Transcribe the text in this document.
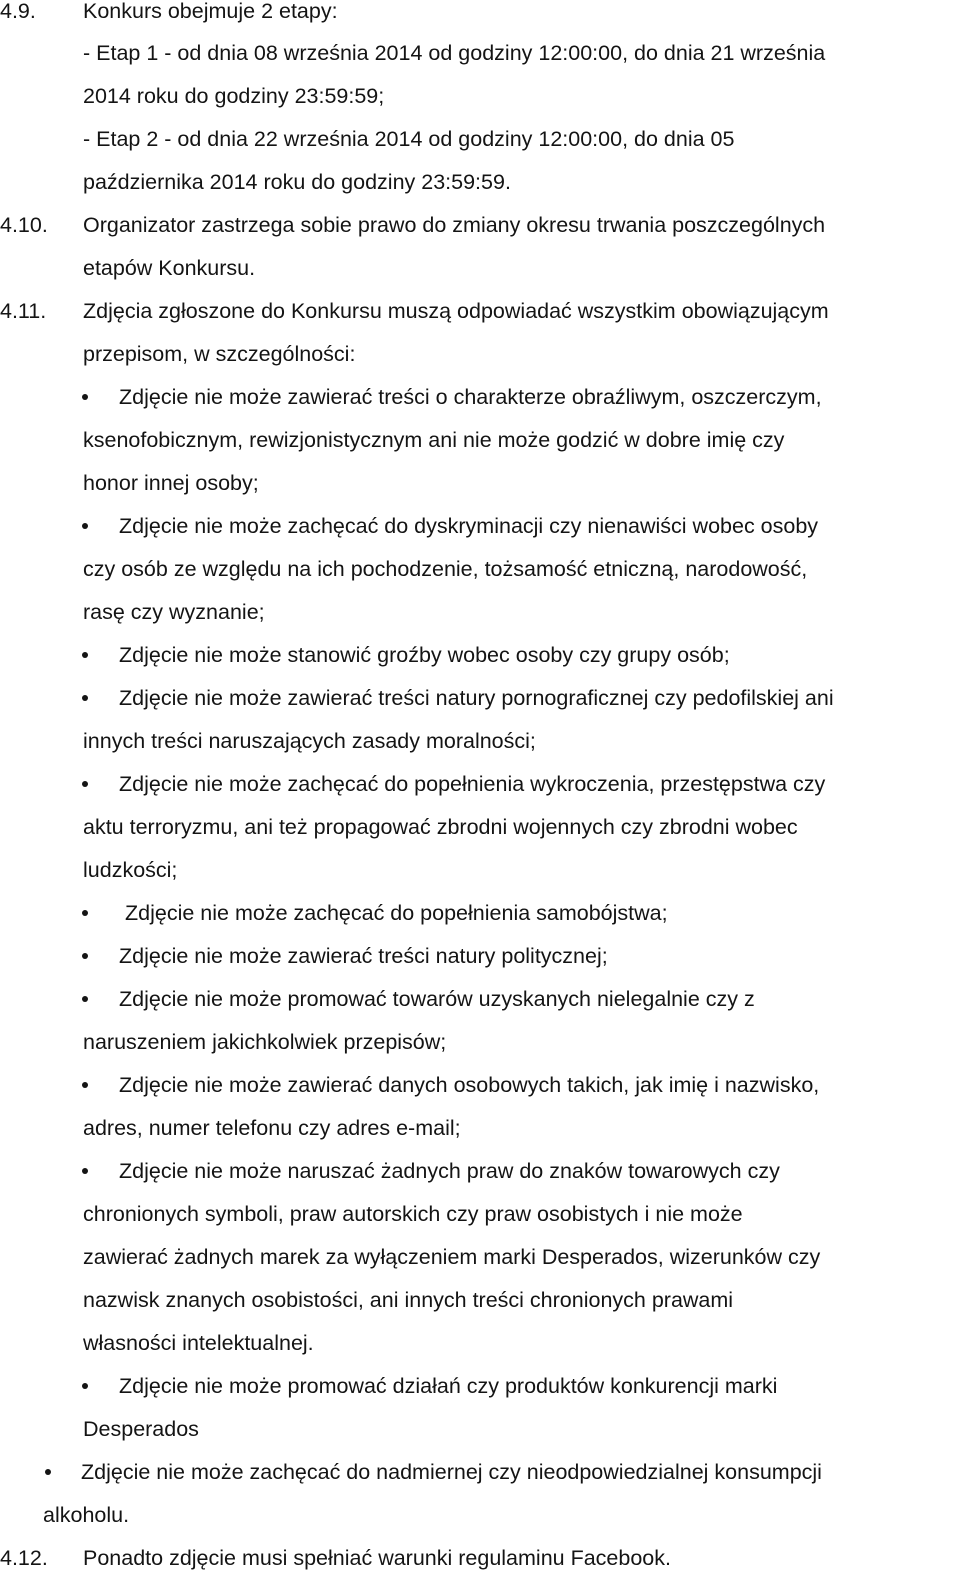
4.9. Konkurs obejmuje 2 etapy:
- Etap 1 - od dnia 08 września 2014 od godziny 12:00:00, do dnia 21 września
2014 roku do godziny 23:59:59;
- Etap 2 - od dnia 22 września 2014 od godziny 12:00:00, do dnia 05
października 2014 roku do godziny 23:59:59.
4.10. Organizator zastrzega sobie prawo do zmiany okresu trwania poszczególnych
etapów Konkursu.
4.11. Zdjęcia zgłoszone do Konkursu muszą odpowiadać wszystkim obowiązującym
przepisom, w szczególności:
Zdjęcie nie może zawierać treści o charakterze obraźliwym, oszczerczym,
ksenofobicznym, rewizjonistycznym ani nie może godzić w dobre imię czy
honor innej osoby;
Zdjęcie nie może zachęcać do dyskryminacji czy nienawiści wobec osoby
czy osób ze względu na ich pochodzenie, tożsamość etniczną, narodowość,
rasę czy wyznanie;
Zdjęcie nie może stanowić groźby wobec osoby czy grupy osób;
Zdjęcie nie może zawierać treści natury pornograficznej czy pedofilskiej ani
innych treści naruszających zasady moralności;
Zdjęcie nie może zachęcać do popełnienia wykroczenia, przestępstwa czy
aktu terroryzmu, ani też propagować zbrodni wojennych czy zbrodni wobec
ludzkości;
Zdjęcie nie może zachęcać do popełnienia samobójstwa;
Zdjęcie nie może zawierać treści natury politycznej;
Zdjęcie nie może promować towarów uzyskanych nielegalnie czy z
naruszeniem jakichkolwiek przepisów;
Zdjęcie nie może zawierać danych osobowych takich, jak imię i nazwisko,
adres, numer telefonu czy adres e-mail;
Zdjęcie nie może naruszać żadnych praw do znaków towarowych czy
chronionych symboli, praw autorskich czy praw osobistych i nie może
zawierać żadnych marek za wyłączeniem marki Desperados, wizerunków czy
nazwisk znanych osobistości, ani innych treści chronionych prawami
własności intelektualnej.
Zdjęcie nie może promować działań czy produktów konkurencji marki
Desperados
Zdjęcie nie może zachęcać do nadmiernej czy nieodpowiedzialnej konsumpcji
alkoholu.
4.12. Ponadto zdjęcie musi spełniać warunki regulaminu Facebook.
